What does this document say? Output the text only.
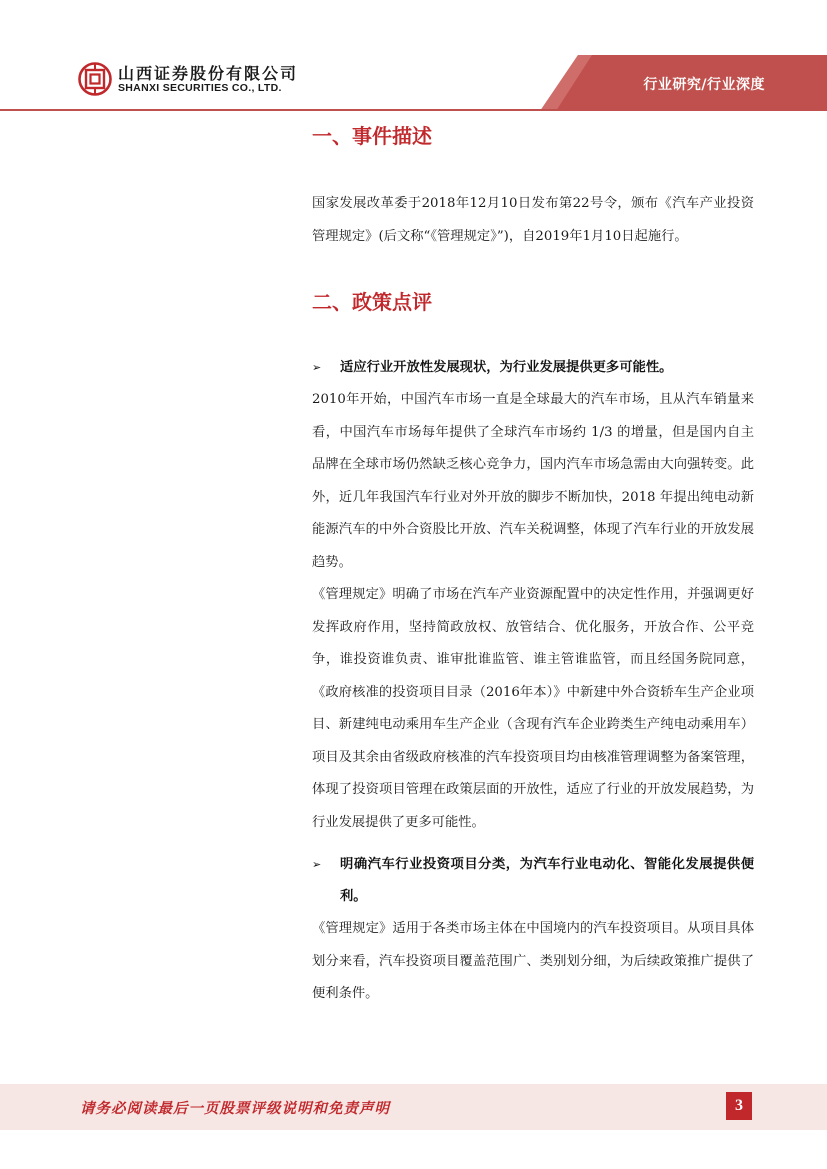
山西证券股份有限公司
SHANXI SECURITIES CO., LTD.	行业研究/行业深度
一、事件描述

国家发展改革委于2018年12月10日发布第22号令，颁布《汽车产业投资管理规定》(后文称“《管理规定》”)，自2019年1月10日起施行。

二、政策点评
➢	适应行业开放性发展现状，为行业发展提供更多可能性。

2010年开始，中国汽车市场一直是全球最大的汽车市场，且从汽车销量来看，中国汽车市场每年提供了全球汽车市场约 1/3 的增量，但是国内自主品牌在全球市场仍然缺乏核心竞争力，国内汽车市场急需由大向强转变。此外，近几年我国汽车行业对外开放的脚步不断加快，2018 年提出纯电动新能源汽车的中外合资股比开放、汽车关税调整，体现了汽车行业的开放发展趋势。

《管理规定》明确了市场在汽车产业资源配置中的决定性作用，并强调更好发挥政府作用，坚持简政放权、放管结合、优化服务，开放合作、公平竞争，谁投资谁负责、谁审批谁监管、谁主管谁监管，而且经国务院同意，《政府核准的投资项目目录（2016年本）》中新建中外合资轿车生产企业项目、新建纯电动乘用车生产企业（含现有汽车企业跨类生产纯电动乘用车）项目及其余由省级政府核准的汽车投资项目均由核准管理调整为备案管理，体现了投资项目管理在政策层面的开放性，适应了行业的开放发展趋势，为行业发展提供了更多可能性。

➢	明确汽车行业投资项目分类，为汽车行业电动化、智能化发展提供便利。

《管理规定》适用于各类市场主体在中国境内的汽车投资项目。从项目具体划分来看，汽车投资项目覆盖范围广、类别划分细，为后续政策推广提供了便利条件。

请务必阅读最后一页股票评级说明和免责声明	3
